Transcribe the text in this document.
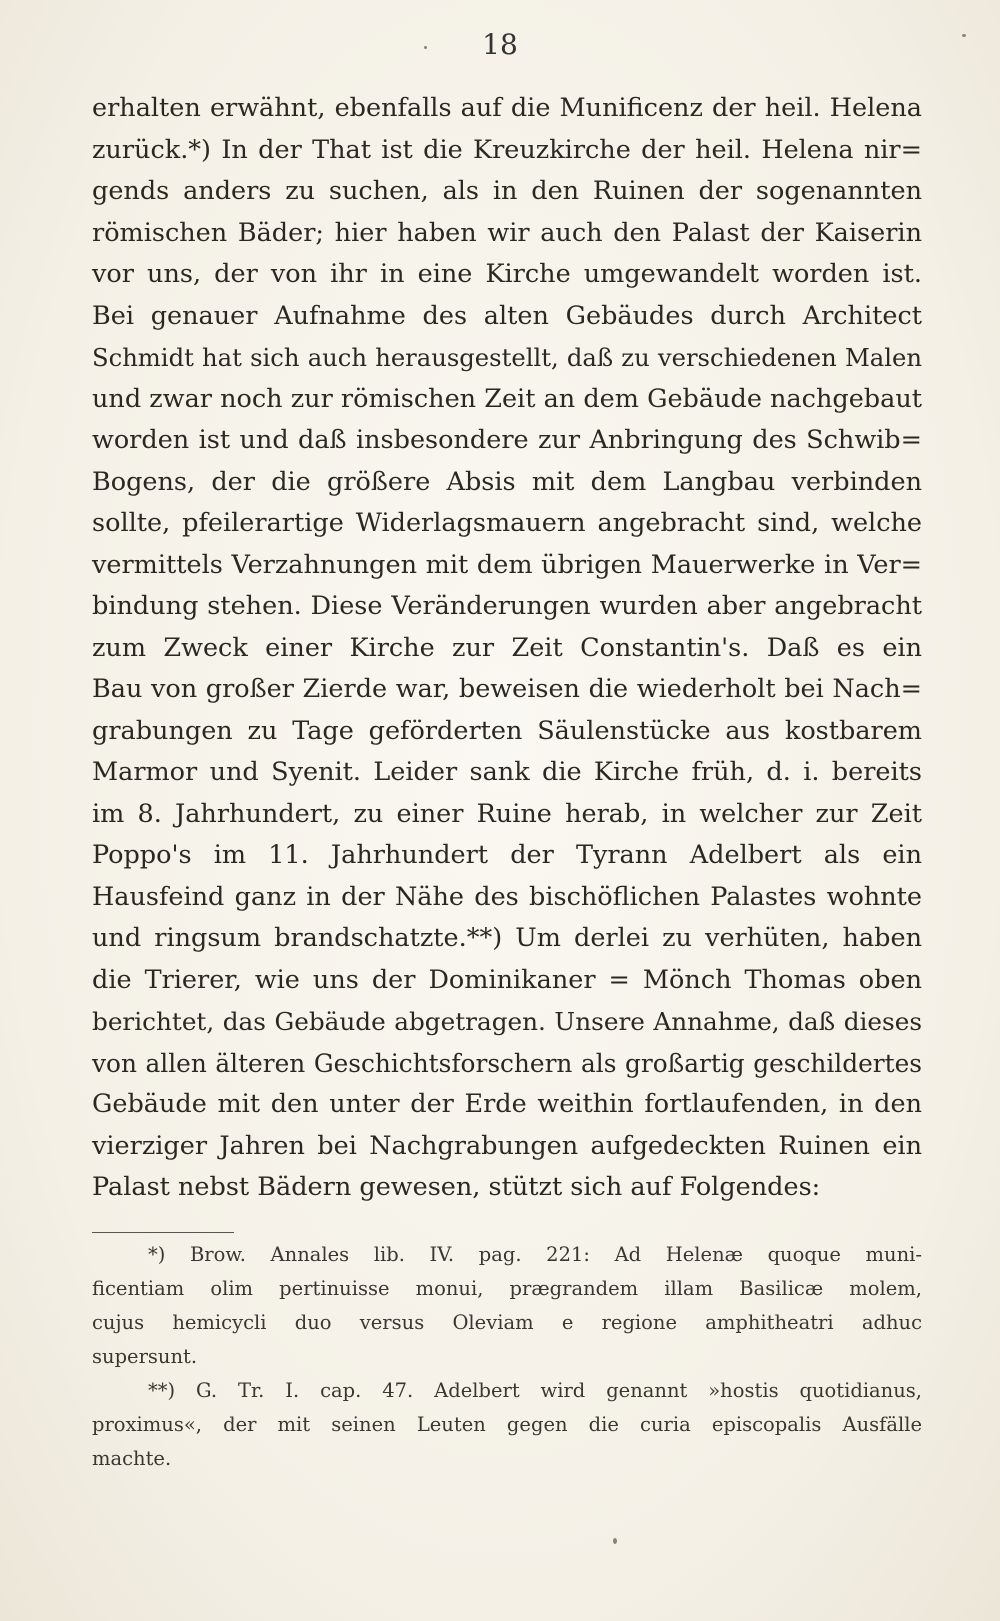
18
erhalten erwähnt, ebenfalls auf die Munificenz der heil. Helena
zurück.*) In der That ist die Kreuzkirche der heil. Helena nir=
gends anders zu suchen, als in den Ruinen der sogenannten
römischen Bäder; hier haben wir auch den Palast der Kaiserin
vor uns, der von ihr in eine Kirche umgewandelt worden ist.
Bei genauer Aufnahme des alten Gebäudes durch Architect
Schmidt hat sich auch herausgestellt, daß zu verschiedenen Malen
und zwar noch zur römischen Zeit an dem Gebäude nachgebaut
worden ist und daß insbesondere zur Anbringung des Schwib=
Bogens, der die größere Absis mit dem Langbau verbinden
sollte, pfeilerartige Widerlagsmauern angebracht sind, welche
vermittels Verzahnungen mit dem übrigen Mauerwerke in Ver=
bindung stehen. Diese Veränderungen wurden aber angebracht
zum Zweck einer Kirche zur Zeit Constantin's. Daß es ein
Bau von großer Zierde war, beweisen die wiederholt bei Nach=
grabungen zu Tage geförderten Säulenstücke aus kostbarem
Marmor und Syenit. Leider sank die Kirche früh, d. i. bereits
im 8. Jahrhundert, zu einer Ruine herab, in welcher zur Zeit
Poppo's im 11. Jahrhundert der Tyrann Adelbert als ein
Hausfeind ganz in der Nähe des bischöflichen Palastes wohnte
und ringsum brandschatzte.**) Um derlei zu verhüten, haben
die Trierer, wie uns der Dominikaner = Mönch Thomas oben
berichtet, das Gebäude abgetragen. Unsere Annahme, daß dieses
von allen älteren Geschichtsforschern als großartig geschildertes
Gebäude mit den unter der Erde weithin fortlaufenden, in den
vierziger Jahren bei Nachgrabungen aufgedeckten Ruinen ein
Palast nebst Bädern gewesen, stützt sich auf Folgendes:
*) Brow. Annales lib. IV. pag. 221: Ad Helenæ quoque muni-
ficentiam olim pertinuisse monui, prægrandem illam Basilicæ molem,
cujus hemicycli duo versus Oleviam e regione amphitheatri adhuc
supersunt.
**) G. Tr. I. cap. 47. Adelbert wird genannt »hostis quotidianus,
proximus«, der mit seinen Leuten gegen die curia episcopalis Ausfälle
machte.
